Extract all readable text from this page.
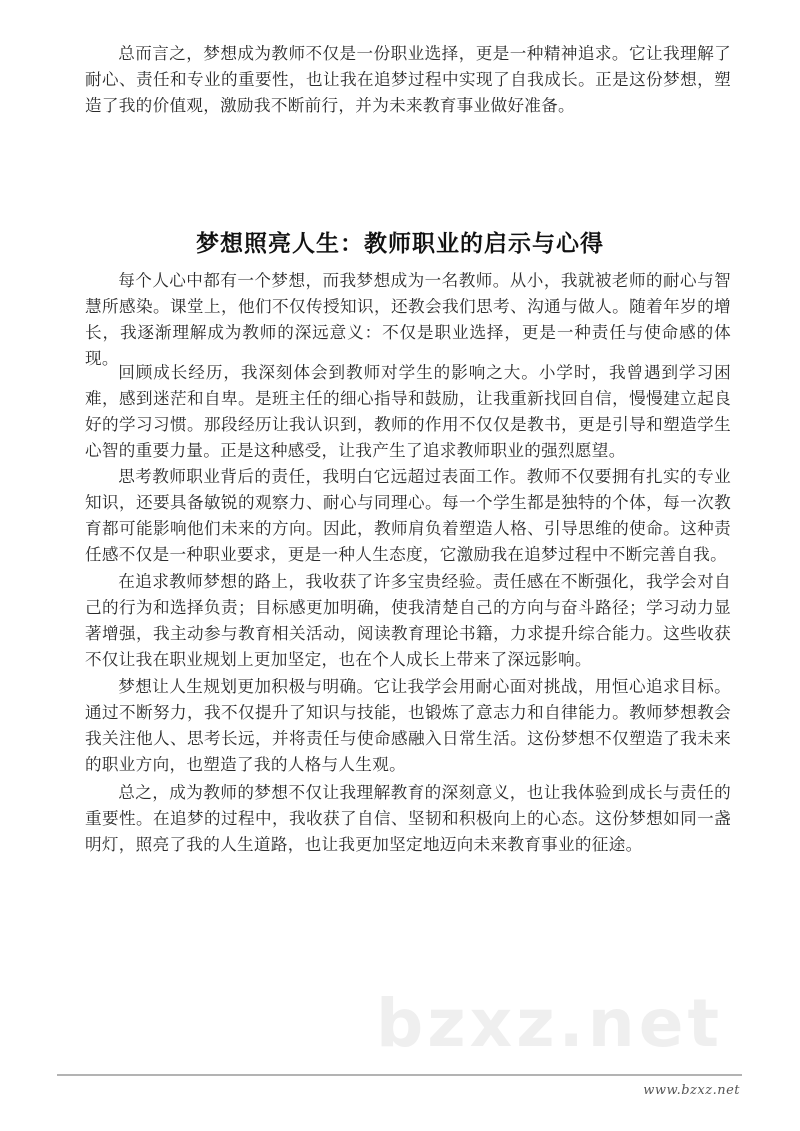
总而言之，梦想成为教师不仅是一份职业选择，更是一种精神追求。它让我理解了耐心、责任和专业的重要性，也让我在追梦过程中实现了自我成长。正是这份梦想，塑造了我的价值观，激励我不断前行，并为未来教育事业做好准备。

梦想照亮人生：教师职业的启示与心得

每个人心中都有一个梦想，而我梦想成为一名教师。从小，我就被老师的耐心与智慧所感染。课堂上，他们不仅传授知识，还教会我们思考、沟通与做人。随着年岁的增长，我逐渐理解成为教师的深远意义：不仅是职业选择，更是一种责任与使命感的体现。

回顾成长经历，我深刻体会到教师对学生的影响之大。小学时，我曾遇到学习困难，感到迷茫和自卑。是班主任的细心指导和鼓励，让我重新找回自信，慢慢建立起良好的学习习惯。那段经历让我认识到，教师的作用不仅仅是教书，更是引导和塑造学生心智的重要力量。正是这种感受，让我产生了追求教师职业的强烈愿望。

思考教师职业背后的责任，我明白它远超过表面工作。教师不仅要拥有扎实的专业知识，还要具备敏锐的观察力、耐心与同理心。每一个学生都是独特的个体，每一次教育都可能影响他们未来的方向。因此，教师肩负着塑造人格、引导思维的使命。这种责任感不仅是一种职业要求，更是一种人生态度，它激励我在追梦过程中不断完善自我。

在追求教师梦想的路上，我收获了许多宝贵经验。责任感在不断强化，我学会对自己的行为和选择负责；目标感更加明确，使我清楚自己的方向与奋斗路径；学习动力显著增强，我主动参与教育相关活动，阅读教育理论书籍，力求提升综合能力。这些收获不仅让我在职业规划上更加坚定，也在个人成长上带来了深远影响。

梦想让人生规划更加积极与明确。它让我学会用耐心面对挑战，用恒心追求目标。通过不断努力，我不仅提升了知识与技能，也锻炼了意志力和自律能力。教师梦想教会我关注他人、思考长远，并将责任与使命感融入日常生活。这份梦想不仅塑造了我未来的职业方向，也塑造了我的人格与人生观。

总之，成为教师的梦想不仅让我理解教育的深刻意义，也让我体验到成长与责任的重要性。在追梦的过程中，我收获了自信、坚韧和积极向上的心态。这份梦想如同一盏明灯，照亮了我的人生道路，也让我更加坚定地迈向未来教育事业的征途。

bzxz.net
www.bzxz.net
